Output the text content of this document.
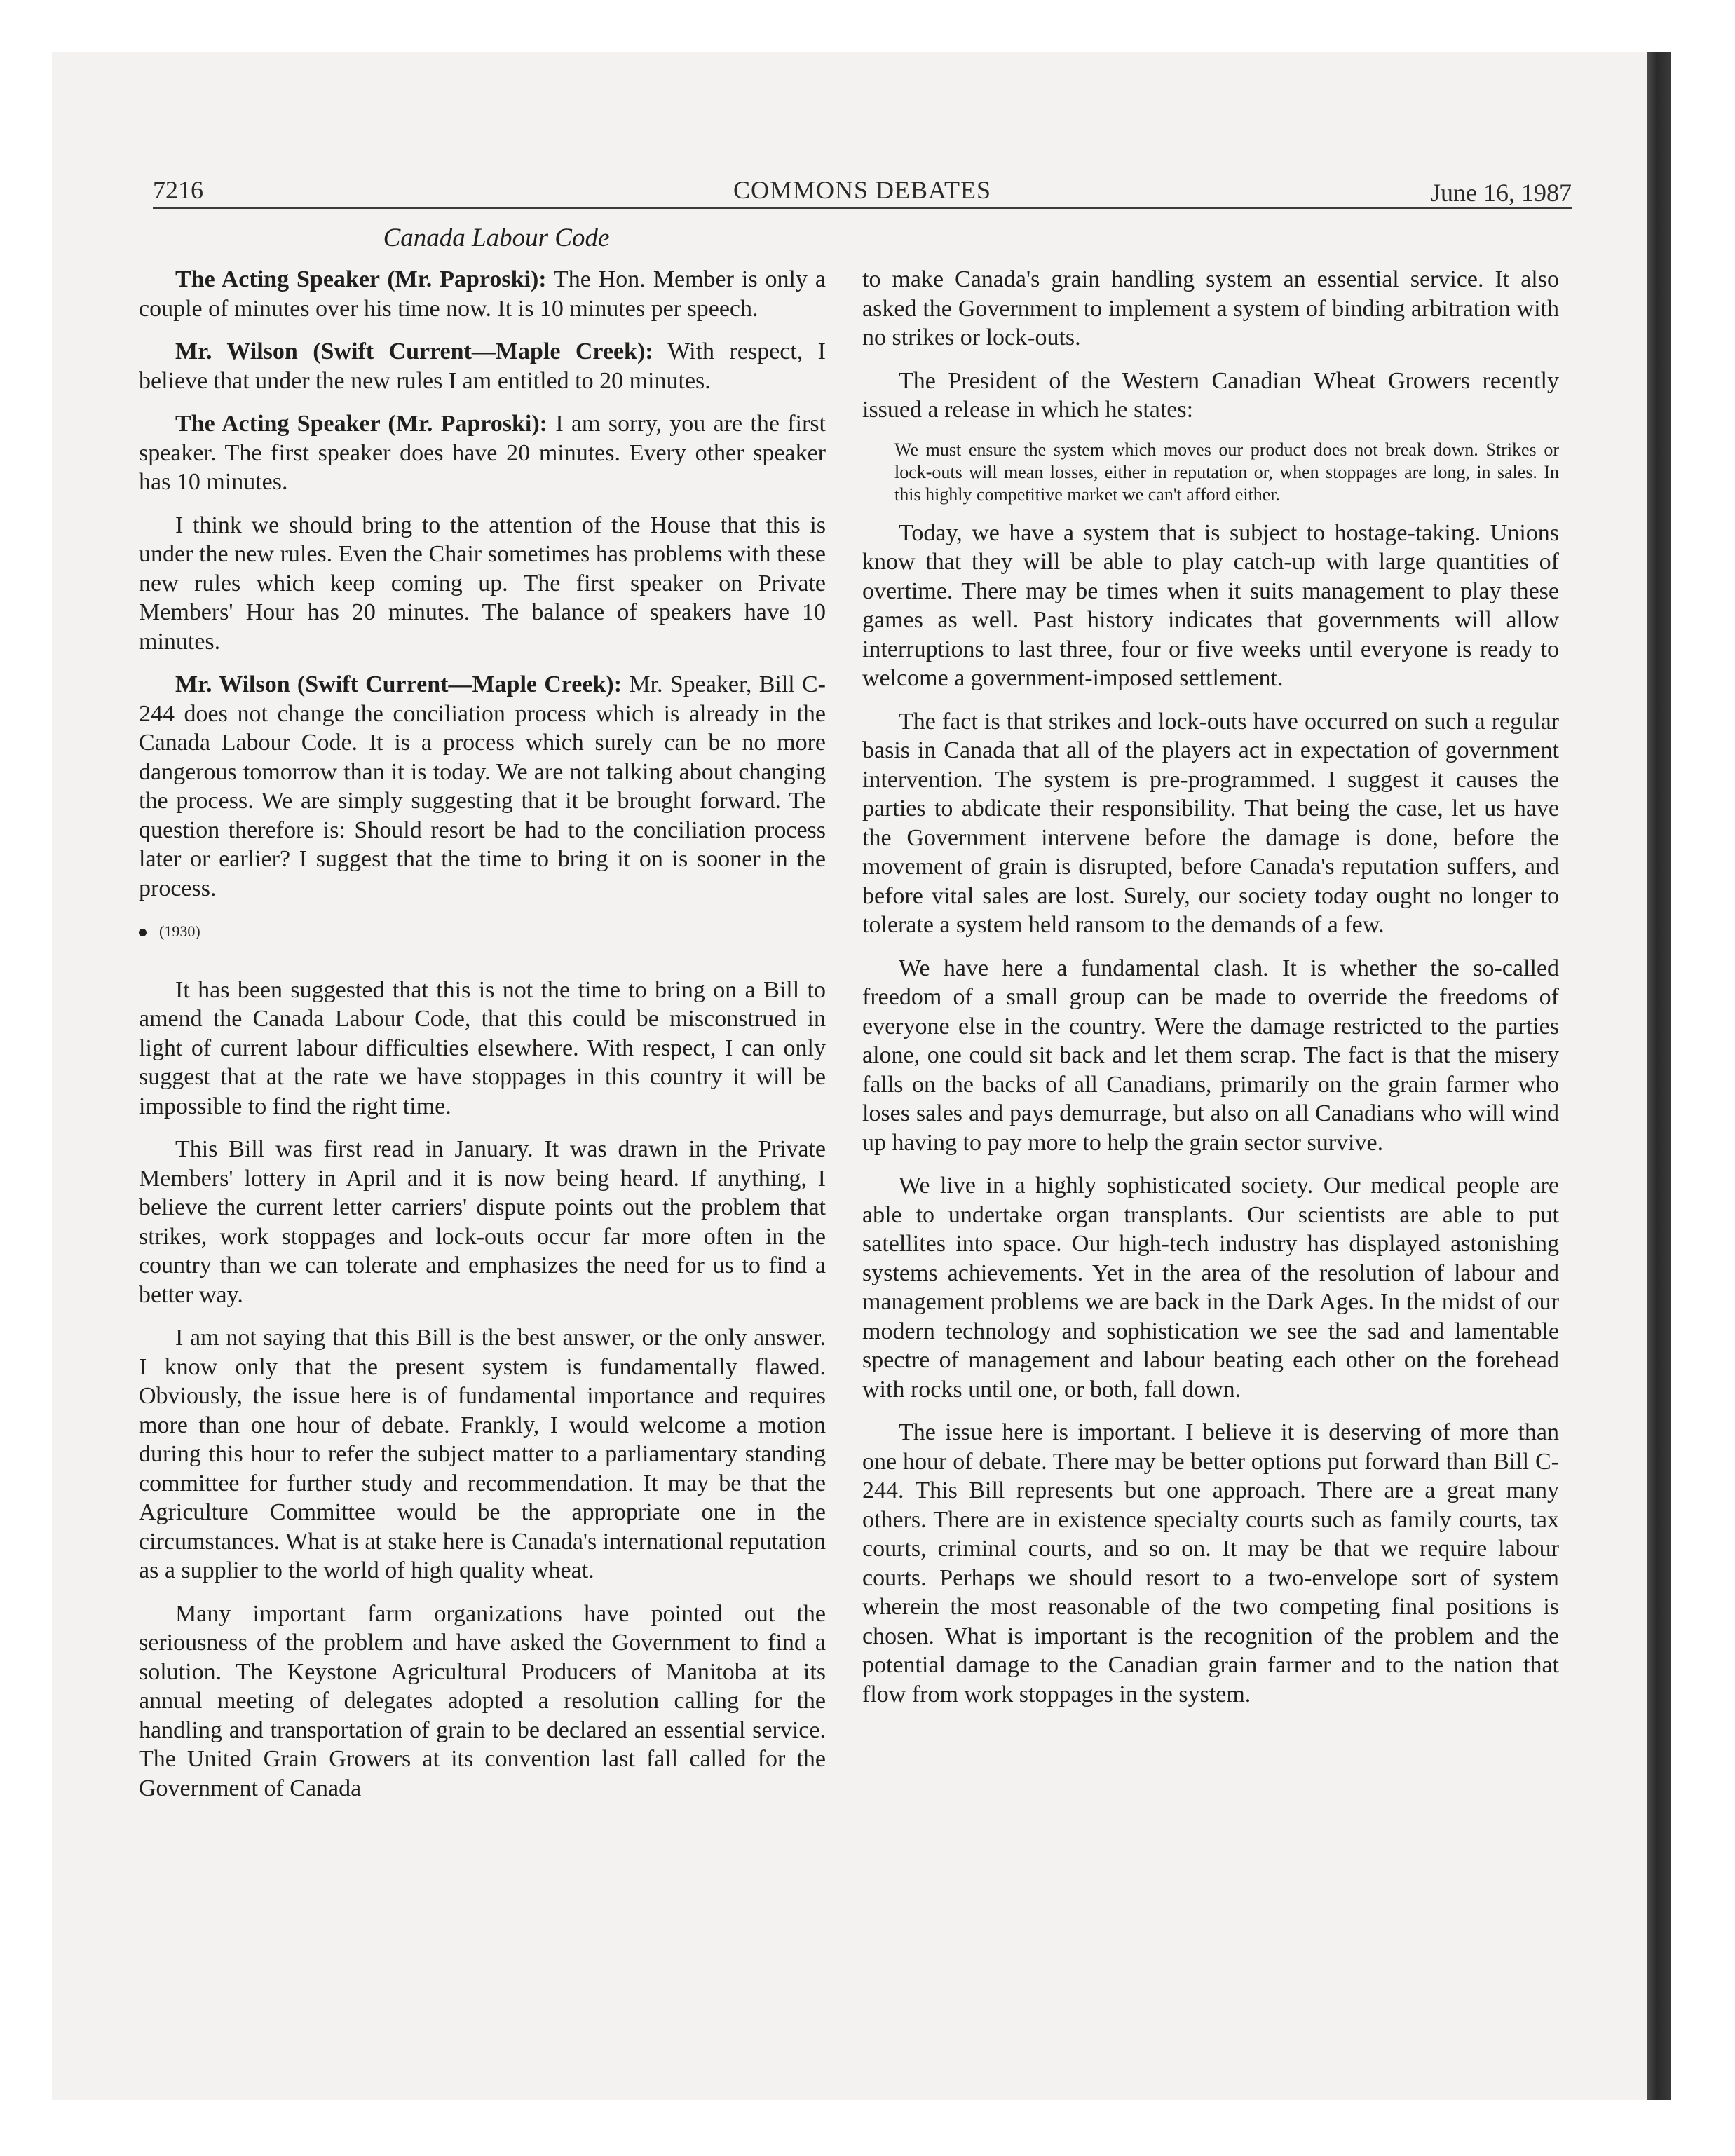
7216	COMMONS DEBATES	June 16, 1987
Canada Labour Code

The Acting Speaker (Mr. Paproski): The Hon. Member is only a couple of minutes over his time now. It is 10 minutes per speech.

Mr. Wilson (Swift Current—Maple Creek): With respect, I believe that under the new rules I am entitled to 20 minutes.

The Acting Speaker (Mr. Paproski): I am sorry, you are the first speaker. The first speaker does have 20 minutes. Every other speaker has 10 minutes.

I think we should bring to the attention of the House that this is under the new rules. Even the Chair sometimes has problems with these new rules which keep coming up. The first speaker on Private Members' Hour has 20 minutes. The balance of speakers have 10 minutes.

Mr. Wilson (Swift Current—Maple Creek): Mr. Speaker, Bill C-244 does not change the conciliation process which is already in the Canada Labour Code. It is a process which surely can be no more dangerous tomorrow than it is today. We are not talking about changing the process. We are simply suggesting that it be brought forward. The question therefore is: Should resort be had to the conciliation process later or earlier? I suggest that the time to bring it on is sooner in the process.

(1930)

It has been suggested that this is not the time to bring on a Bill to amend the Canada Labour Code, that this could be misconstrued in light of current labour difficulties elsewhere. With respect, I can only suggest that at the rate we have stoppages in this country it will be impossible to find the right time.

This Bill was first read in January. It was drawn in the Private Members' lottery in April and it is now being heard. If anything, I believe the current letter carriers' dispute points out the problem that strikes, work stoppages and lock-outs occur far more often in the country than we can tolerate and emphasizes the need for us to find a better way.

I am not saying that this Bill is the best answer, or the only answer. I know only that the present system is fundamentally flawed. Obviously, the issue here is of fundamental importance and requires more than one hour of debate. Frankly, I would welcome a motion during this hour to refer the subject matter to a parliamentary standing committee for further study and recommendation. It may be that the Agriculture Committee would be the appropriate one in the circumstances. What is at stake here is Canada's international reputation as a supplier to the world of high quality wheat.

Many important farm organizations have pointed out the seriousness of the problem and have asked the Government to find a solution. The Keystone Agricultural Producers of Manitoba at its annual meeting of delegates adopted a resolution calling for the handling and transportation of grain to be declared an essential service. The United Grain Growers at its convention last fall called for the Government of Canada

to make Canada's grain handling system an essential service. It also asked the Government to implement a system of binding arbitration with no strikes or lock-outs.

The President of the Western Canadian Wheat Growers recently issued a release in which he states:

We must ensure the system which moves our product does not break down. Strikes or lock-outs will mean losses, either in reputation or, when stoppages are long, in sales. In this highly competitive market we can't afford either.

Today, we have a system that is subject to hostage-taking. Unions know that they will be able to play catch-up with large quantities of overtime. There may be times when it suits management to play these games as well. Past history indicates that governments will allow interruptions to last three, four or five weeks until everyone is ready to welcome a government-imposed settlement.

The fact is that strikes and lock-outs have occurred on such a regular basis in Canada that all of the players act in expectation of government intervention. The system is pre-programmed. I suggest it causes the parties to abdicate their responsibility. That being the case, let us have the Government intervene before the damage is done, before the movement of grain is disrupted, before Canada's reputation suffers, and before vital sales are lost. Surely, our society today ought no longer to tolerate a system held ransom to the demands of a few.

We have here a fundamental clash. It is whether the so-called freedom of a small group can be made to override the freedoms of everyone else in the country. Were the damage restricted to the parties alone, one could sit back and let them scrap. The fact is that the misery falls on the backs of all Canadians, primarily on the grain farmer who loses sales and pays demurrage, but also on all Canadians who will wind up having to pay more to help the grain sector survive.

We live in a highly sophisticated society. Our medical people are able to undertake organ transplants. Our scientists are able to put satellites into space. Our high-tech industry has displayed astonishing systems achievements. Yet in the area of the resolution of labour and management problems we are back in the Dark Ages. In the midst of our modern technology and sophistication we see the sad and lamentable spectre of management and labour beating each other on the forehead with rocks until one, or both, fall down.

The issue here is important. I believe it is deserving of more than one hour of debate. There may be better options put forward than Bill C-244. This Bill represents but one approach. There are a great many others. There are in existence specialty courts such as family courts, tax courts, criminal courts, and so on. It may be that we require labour courts. Perhaps we should resort to a two-envelope sort of system wherein the most reasonable of the two competing final positions is chosen. What is important is the recognition of the problem and the potential damage to the Canadian grain farmer and to the nation that flow from work stoppages in the system.
